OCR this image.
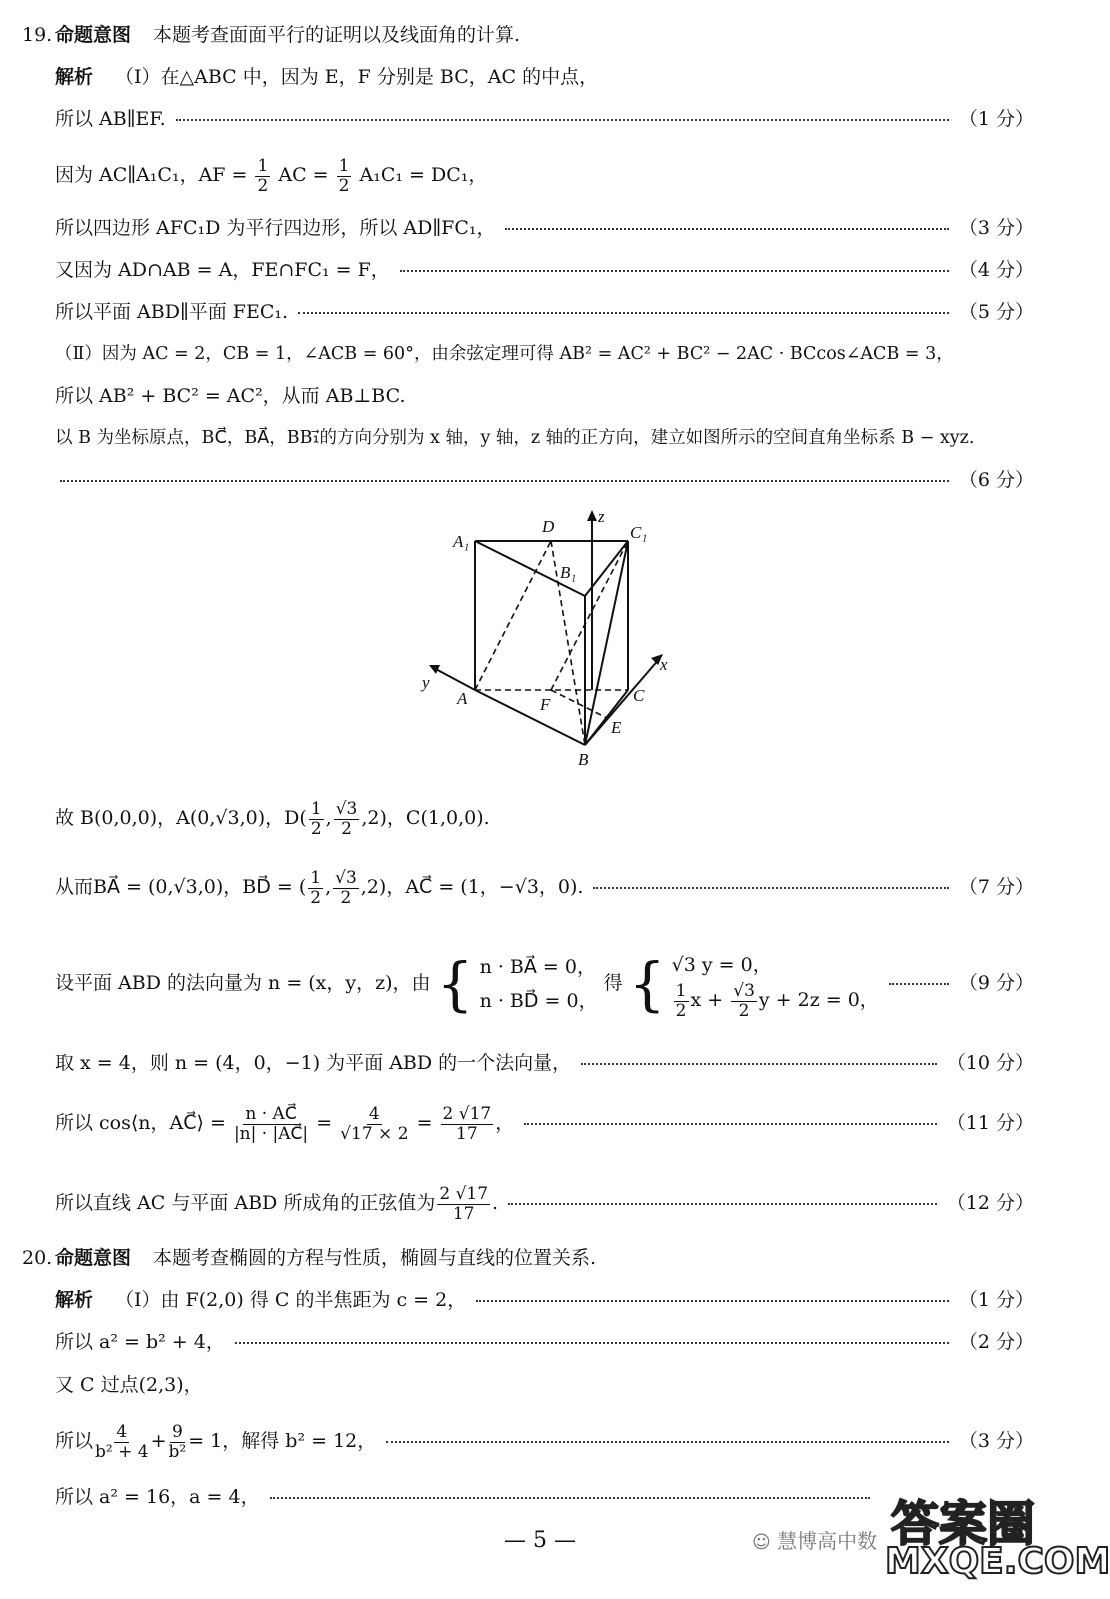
19. 命题意图 本题考查面面平行的证明以及线面角的计算.
解析 （Ⅰ）在△ABC 中，因为 E，F 分别是 BC，AC 的中点，
所以 AB∥EF.	（1 分）
因为 AC∥A₁C₁，AF = $\frac{1}{2}$ AC = $\frac{1}{2} A_1C_1 = DC_1$，
所以四边形 AFC₁D 为平行四边形，所以 AD∥FC₁，	（3 分）
又因为 AD∩AB = A，FE∩FC₁ = F，	（4 分）
所以平面 ABD∥平面 FEC₁.	（5 分）
（Ⅱ）因为 AC = 2，CB = 1，∠ACB = 60°，由余弦定理可得 AB² = AC² + BC² − 2AC · BCcos∠ACB = 3，
所以 AB² + BC² = AC²，从而 AB⊥BC.
以 B 为坐标原点，BC⃗，BA⃗，BB₁⃗的方向分别为 x 轴，y 轴，z 轴的正方向，建立如图所示的空间直角坐标系 B − xyz.
（6 分）
A₁
D
z
C₁
B₁
x
y
A	C
F
E
B
故 B(0,0,0)，A(0,√3,0)，$D( \frac{1}{2}$ , $\frac{√3}{2} ,2$)，C(1,0,0).
从而BA⃗ = (0,√3,0)，BD⃗ = ( $\frac{1}{2}$ , $\frac{√3}{2} ,2$)，AC⃗ = (1，−√3，0).	（7 分）
设平面 ABD 的法向量为 n = (x，y，z)，由 { n · BA⃗ = 0，
n · BD⃗ = 0，
得 { √3 y = 0，
$\frac{1}{2}$ $x + \frac{√3}{2}$ y + 2z = 0，
（9 分）
取 x = 4，则 n = (4，0，−1) 为平面 ABD 的一个法向量，	（10 分）
所以 cos⟨n，AC⃗⟩ = $\frac{n \cdot AC⃗}{|n| \cdot |AC⃗|} = \frac{4}{√17 \times 2} = \frac{2 √17}{17}$ ，	（11 分）
所以直线 AC 与平面 ABD 所成角的正弦值为 $\frac{2 √17}{17}$ .	（12 分）
20. 命题意图 本题考查椭圆的方程与性质，椭圆与直线的位置关系.
解析 （Ⅰ）由 F(2,0) 得 C 的半焦距为 c = 2，	（1 分）
所以 a² = b² + 4，	（2 分）
又 C 过点(2,3)，
所以 $\frac{4}{\text{b² + 4}} + \frac{9}{\text{b²}} = 1$，解得 b² = 12，	（3 分）
所以 a² = 16，a = 4，
— 5 —	☺ 慧博高中数 答案圈
MXQE.COM
